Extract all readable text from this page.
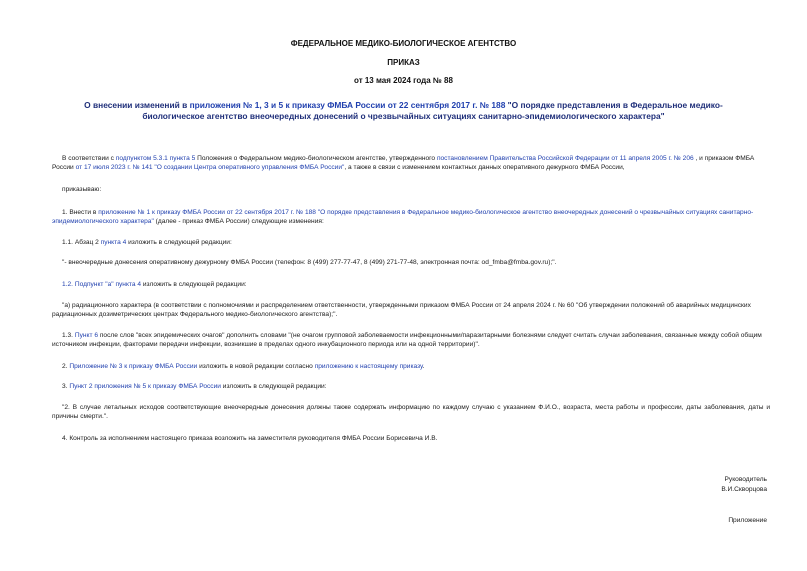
ФЕДЕРАЛЬНОЕ МЕДИКО-БИОЛОГИЧЕСКОЕ АГЕНТСТВО
ПРИКАЗ
от 13 мая 2024 года № 88
О внесении изменений в приложения № 1, 3 и 5 к приказу ФМБА России от 22 сентября 2017 г. № 188 "О порядке представления в Федеральное медико-биологическое агентство внеочередных донесений о чрезвычайных ситуациях санитарно-эпидемиологического характера"
В соответствии с подпунктом 5.3.1 пункта 5 Положения о Федеральном медико-биологическом агентстве, утвержденного постановлением Правительства Российской Федерации от 11 апреля 2005 г. № 206 , и приказом ФМБА России от 17 июля 2023 г. № 141 "О создании Центра оперативного управления ФМБА России", а также в связи с изменением контактных данных оперативного дежурного ФМБА России,
приказываю:
1. Внести в приложение № 1 к приказу ФМБА России от 22 сентября 2017 г. № 188 "О порядке представления в Федеральное медико-биологическое агентство внеочередных донесений о чрезвычайных ситуациях санитарно-эпидемиологического характера" (далее - приказ ФМБА России) следующие изменения:
1.1. Абзац 2 пункта 4 изложить в следующей редакции:
"- внеочередные донесения оперативному дежурному ФМБА России (телефон: 8 (499) 277-77-47, 8 (499) 271-77-48, электронная почта: od_fmba@fmba.gov.ru);".
1.2. Подпункт "а" пункта 4 изложить в следующей редакции:
"а) радиационного характера (в соответствии с полномочиями и распределением ответственности, утвержденными приказом ФМБА России от 24 апреля 2024 г. № 60 "Об утверждении положений об аварийных медицинских радиационных дозиметрических центрах Федерального медико-биологического агентства);".
1.3. Пункт 6 после слов "всех эпидемических очагов" дополнить словами "(не очагом групповой заболеваемости инфекционными/паразитарными болезнями следует считать случаи заболевания, связанные между собой общим источником инфекции, факторами передачи инфекции, возникшие в пределах одного инкубационного периода или на одной территории)".
2. Приложение № 3 к приказу ФМБА России изложить в новой редакции согласно приложению к настоящему приказу.
3. Пункт 2 приложения № 5 к приказу ФМБА России изложить в следующей редакции:
"2. В случае летальных исходов соответствующие внеочередные донесения должны также содержать информацию по каждому случаю с указанием Ф.И.О., возраста, места работы и профессии, даты заболевания, даты и причины смерти.".
4. Контроль за исполнением настоящего приказа возложить на заместителя руководителя ФМБА России Борисевича И.В.
Руководитель
В.И.Скворцова
Приложение
